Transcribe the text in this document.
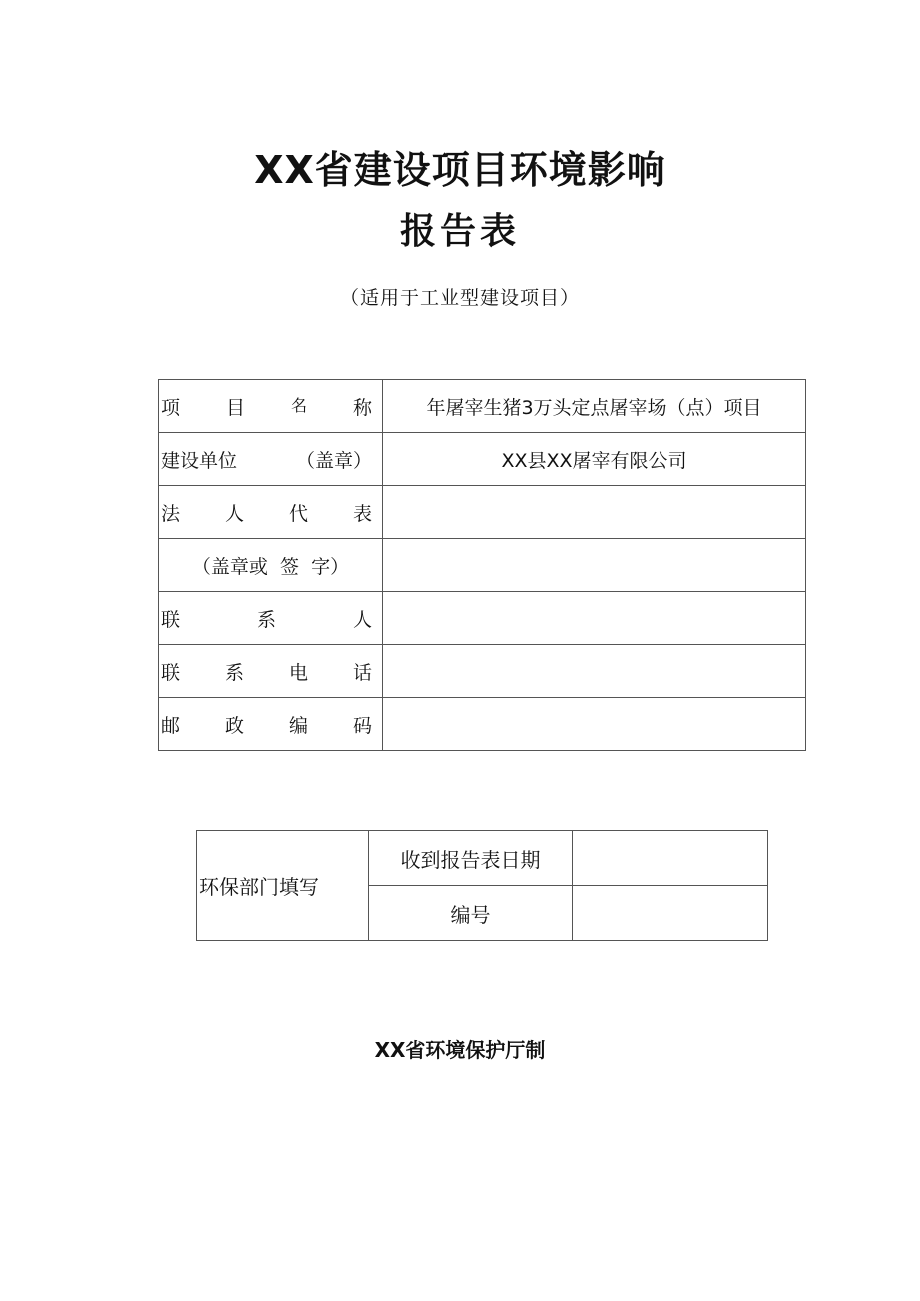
XX省建设项目环境影响
报告表
（适用于工业型建设项目）
项 目 名 称	年屠宰生猪3万头定点屠宰场（点）项目

建设单位 （盖章）	XX县XX屠宰有限公司

法 人 代 表	

（盖章或  签  字）	

联 系 人	

联 系 电 话	

邮 政 编 码	

环保部门填写	收到报告表日期	
	编号	
XX省环境保护厅制
